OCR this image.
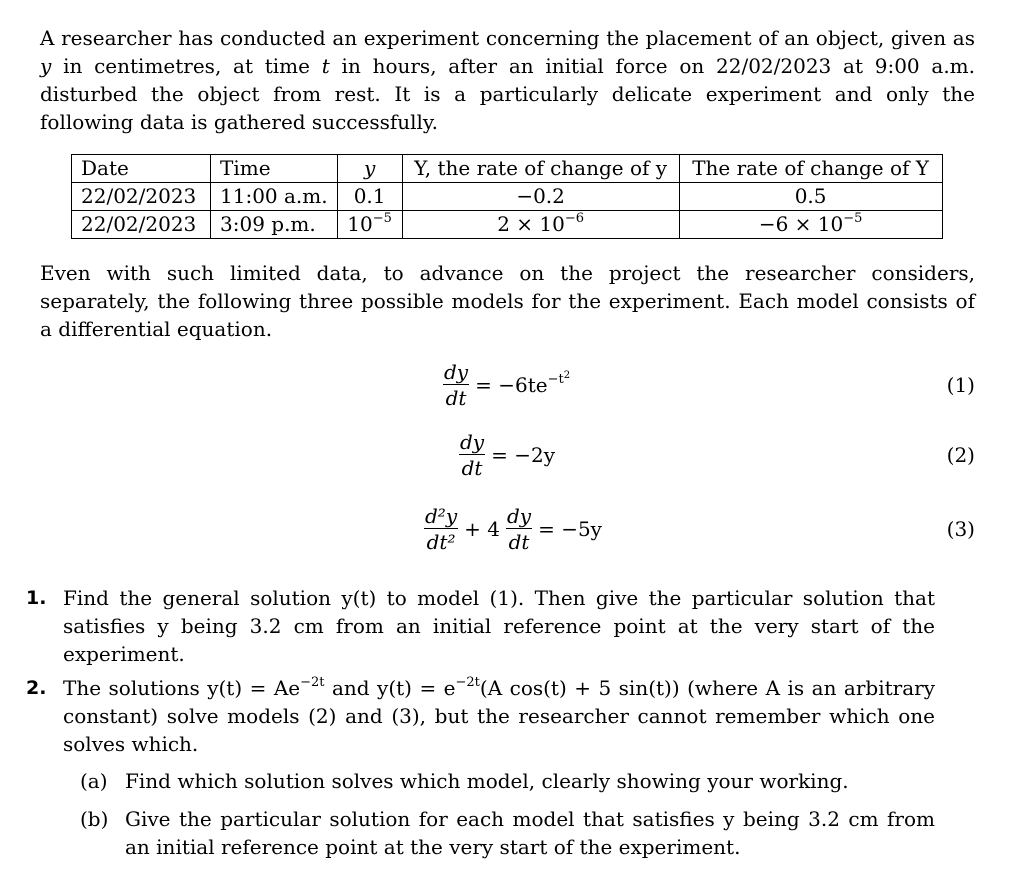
A researcher has conducted an experiment concerning the placement of an object, given as y in centimetres, at time t in hours, after an initial force on 22/02/2023 at 9:00 a.m. disturbed the object from rest. It is a particularly delicate experiment and only the following data is gathered successfully.

Date	Time	y	Y, the rate of change of y	The rate of change of Y
22/02/2023	11:00 a.m.	0.1	−0.2	0.5
22/02/2023	3:09 p.m.	$10^{-5}$	$2 \times 10^{-6}$	$-6 \times 10^{-5}$

Even with such limited data, to advance on the project the researcher considers, separately, the following three possible models for the experiment. Each model consists of a differential equation.

$\frac{dy}{dt} = -6te^{-t^2}$	(1)
$\frac{dy}{dt} = -2y$	(2)
$\frac{\text{d²y}}{\text{dt²}} + 4 \frac{dy}{dt} = -5y$	(3)
1. Find the general solution y(t) to model (1). Then give the particular solution that satisfies y being 3.2 cm from an initial reference point at the very start of the experiment.
2. The solutions $y(t) = Ae^{-2t}$ and $y(t) = e^{-2t}(A$ cos(t) + 5 sin(t)) (where A is an arbitrary constant) solve models (2) and (3), but the researcher cannot remember which one solves which.
(a) Find which solution solves which model, clearly showing your working.
(b) Give the particular solution for each model that satisfies y being 3.2 cm from an initial reference point at the very start of the experiment.
